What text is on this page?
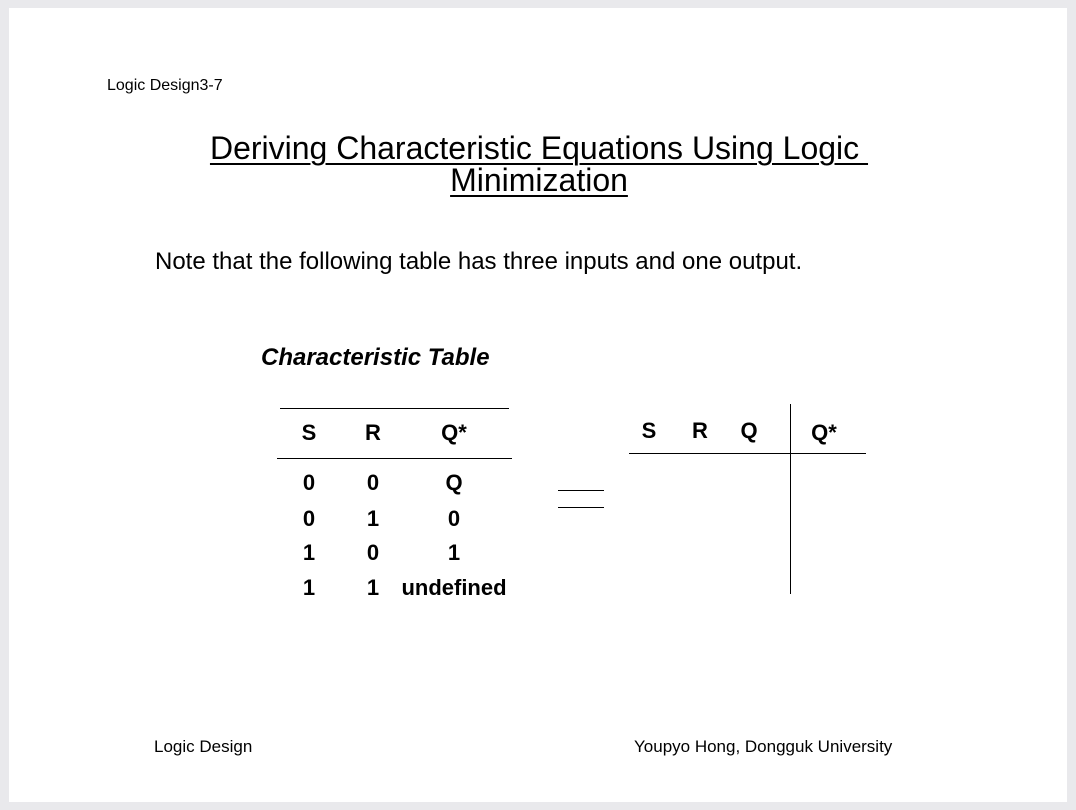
Logic Design3-7
Deriving Characteristic Equations Using Logic
Minimization
Note that the following table has three inputs and one output.
Characteristic Table
S	R	Q*
0	0	Q
0	1	0
1	0	1
1	1	undefined
S	R	Q	Q*
Logic Design	Youpyo Hong, Dongguk University
